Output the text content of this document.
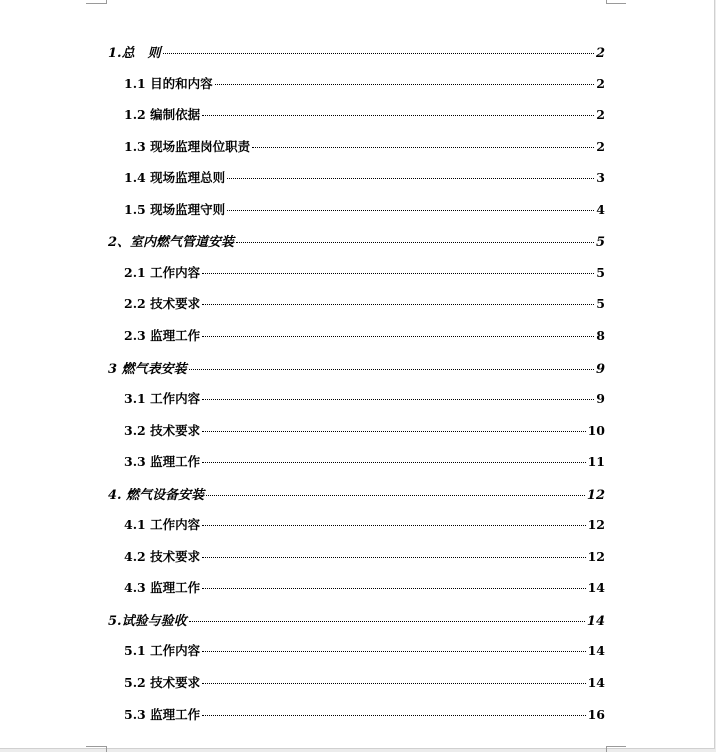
1.总　则	2
1.1 目的和内容	2
1.2 编制依据	2
1.3 现场监理岗位职责	2
1.4 现场监理总则	3
1.5 现场监理守则	4
2、室内燃气管道安装	5
2.1 工作内容	5
2.2 技术要求	5
2.3 监理工作	8
3 燃气表安装	9
3.1 工作内容	9
3.2 技术要求	10
3.3 监理工作	11
4. 燃气设备安装	12
4.1 工作内容	12
4.2 技术要求	12
4.3 监理工作	14
5.试验与验收	14
5.1 工作内容	14
5.2 技术要求	14
5.3 监理工作	16
